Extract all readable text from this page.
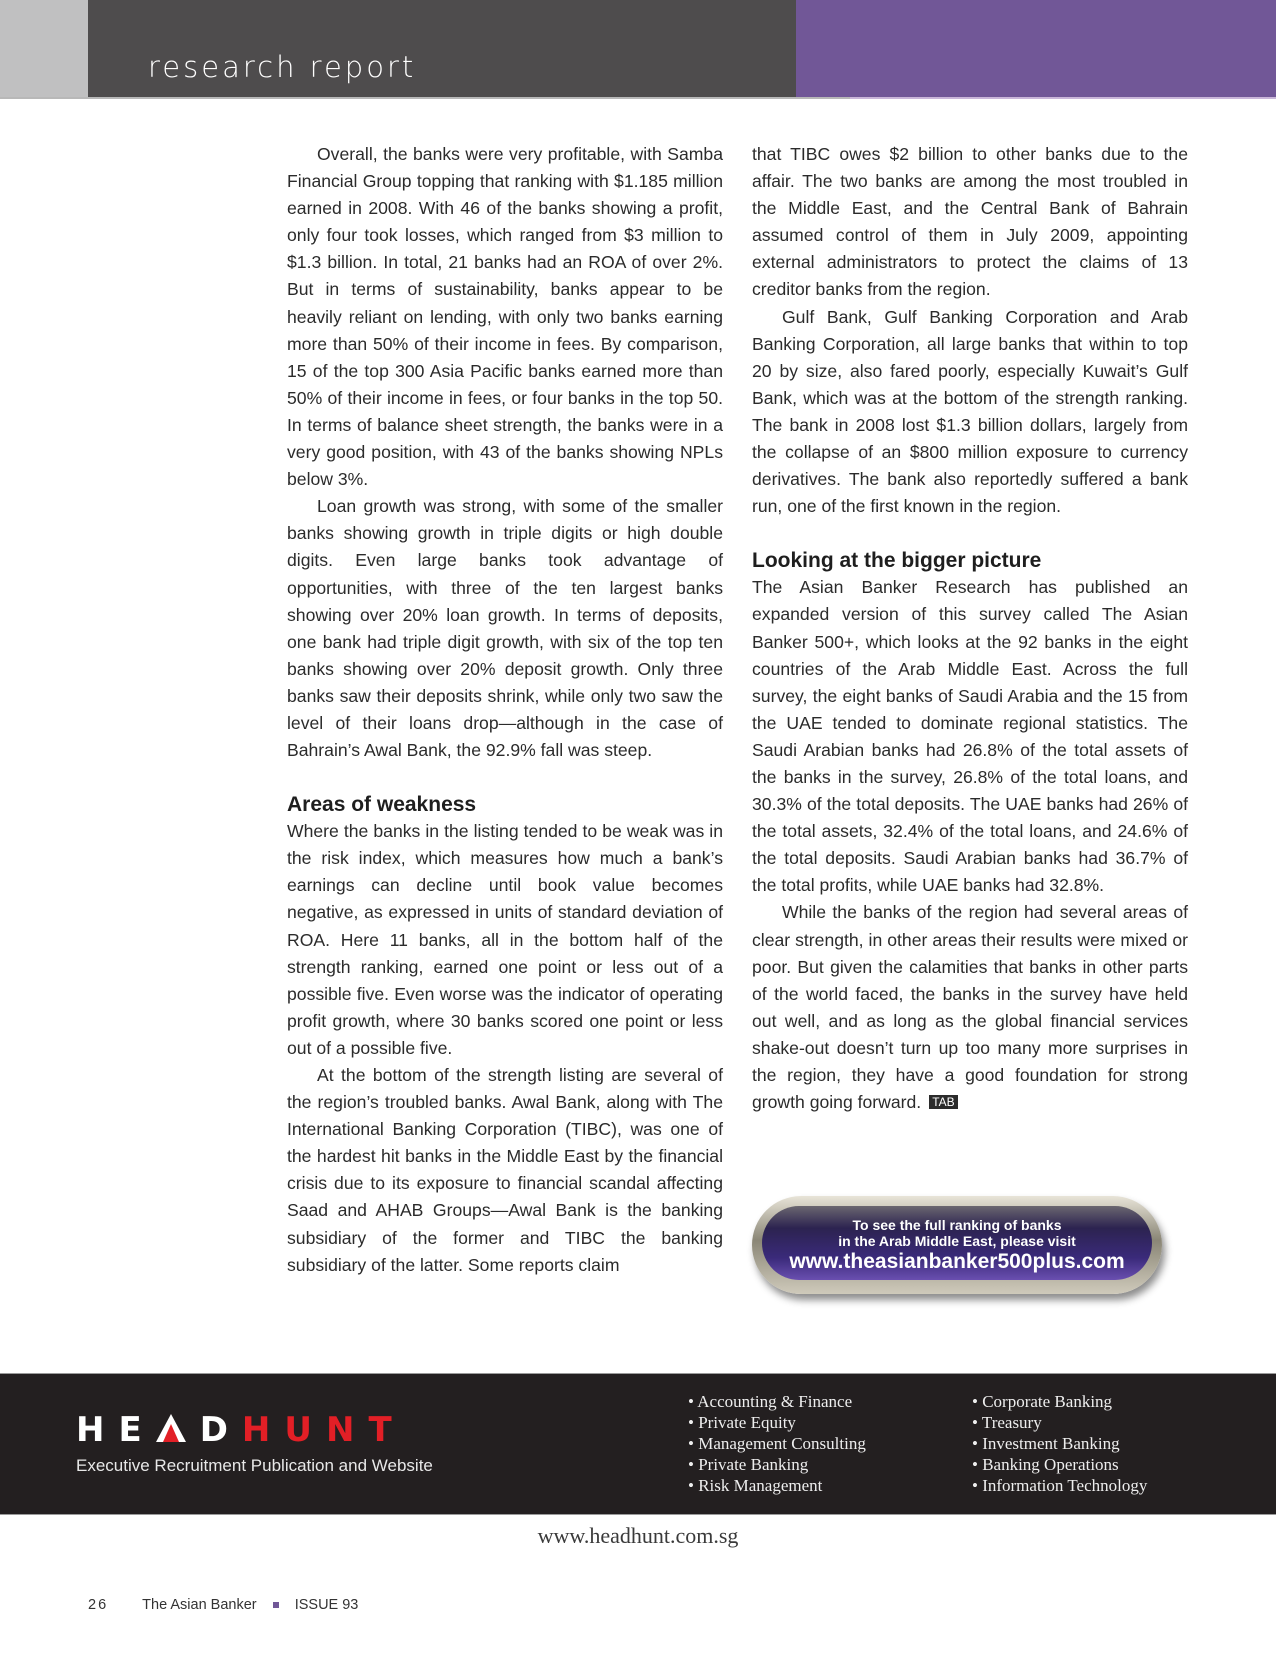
research report

Overall, the banks were very profitable, with Samba Financial Group topping that ranking with $1.185 million earned in 2008. With 46 of the banks showing a profit, only four took losses, which ranged from $3 million to $1.3 billion. In total, 21 banks had an ROA of over 2%. But in terms of sustainability, banks appear to be heavily reliant on lending, with only two banks earning more than 50% of their income in fees. By comparison, 15 of the top 300 Asia Pacific banks earned more than 50% of their income in fees, or four banks in the top 50. In terms of balance sheet strength, the banks were in a very good position, with 43 of the banks showing NPLs below 3%.

Loan growth was strong, with some of the smaller banks showing growth in triple digits or high double digits. Even large banks took advantage of opportunities, with three of the ten largest banks showing over 20% loan growth. In terms of deposits, one bank had triple digit growth, with six of the top ten banks showing over 20% deposit growth. Only three banks saw their deposits shrink, while only two saw the level of their loans drop—although in the case of Bahrain’s Awal Bank, the 92.9% fall was steep.

Areas of weakness

Where the banks in the listing tended to be weak was in the risk index, which measures how much a bank’s earnings can decline until book value becomes negative, as expressed in units of standard deviation of ROA. Here 11 banks, all in the bottom half of the strength ranking, earned one point or less out of a possible five. Even worse was the indicator of operating profit growth, where 30 banks scored one point or less out of a possible five.

At the bottom of the strength listing are several of the region’s troubled banks. Awal Bank, along with The International Banking Corporation (TIBC), was one of the hardest hit banks in the Middle East by the financial crisis due to its exposure to financial scandal affecting Saad and AHAB Groups—Awal Bank is the banking subsidiary of the former and TIBC the banking subsidiary of the latter. Some reports claim

that TIBC owes $2 billion to other banks due to the affair. The two banks are among the most troubled in the Middle East, and the Central Bank of Bahrain assumed control of them in July 2009, appointing external administrators to protect the claims of 13 creditor banks from the region.

Gulf Bank, Gulf Banking Corporation and Arab Banking Corporation, all large banks that within to top 20 by size, also fared poorly, especially Kuwait’s Gulf Bank, which was at the bottom of the strength ranking. The bank in 2008 lost $1.3 billion dollars, largely from the collapse of an $800 million exposure to currency derivatives. The bank also reportedly suffered a bank run, one of the first known in the region.

Looking at the bigger picture

The Asian Banker Research has published an expanded version of this survey called The Asian Banker 500+, which looks at the 92 banks in the eight countries of the Arab Middle East. Across the full survey, the eight banks of Saudi Arabia and the 15 from the UAE tended to dominate regional statistics. The Saudi Arabian banks had 26.8% of the total assets of the banks in the survey, 26.8% of the total loans, and 30.3% of the total deposits. The UAE banks had 26% of the total assets, 32.4% of the total loans, and 24.6% of the total deposits. Saudi Arabian banks had 36.7% of the total profits, while UAE banks had 32.8%.

While the banks of the region had several areas of clear strength, in other areas their results were mixed or poor. But given the calamities that banks in other parts of the world faced, the banks in the survey have held out well, and as long as the global financial services shake-out doesn’t turn up too many more surprises in the region, they have a good foundation for strong growth going forward. TAB

To see the full ranking of banks
in the Arab Middle East, please visit
www.theasianbanker500plus.com
HE DHUNT
Executive Recruitment Publication and Website
• Accounting & Finance
• Private Equity
• Management Consulting
• Private Banking
• Risk Management
• Corporate Banking
• Treasury
• Investment Banking
• Banking Operations
• Information Technology
www.headhunt.com.sg
26 The Asian Banker	ISSUE 93
